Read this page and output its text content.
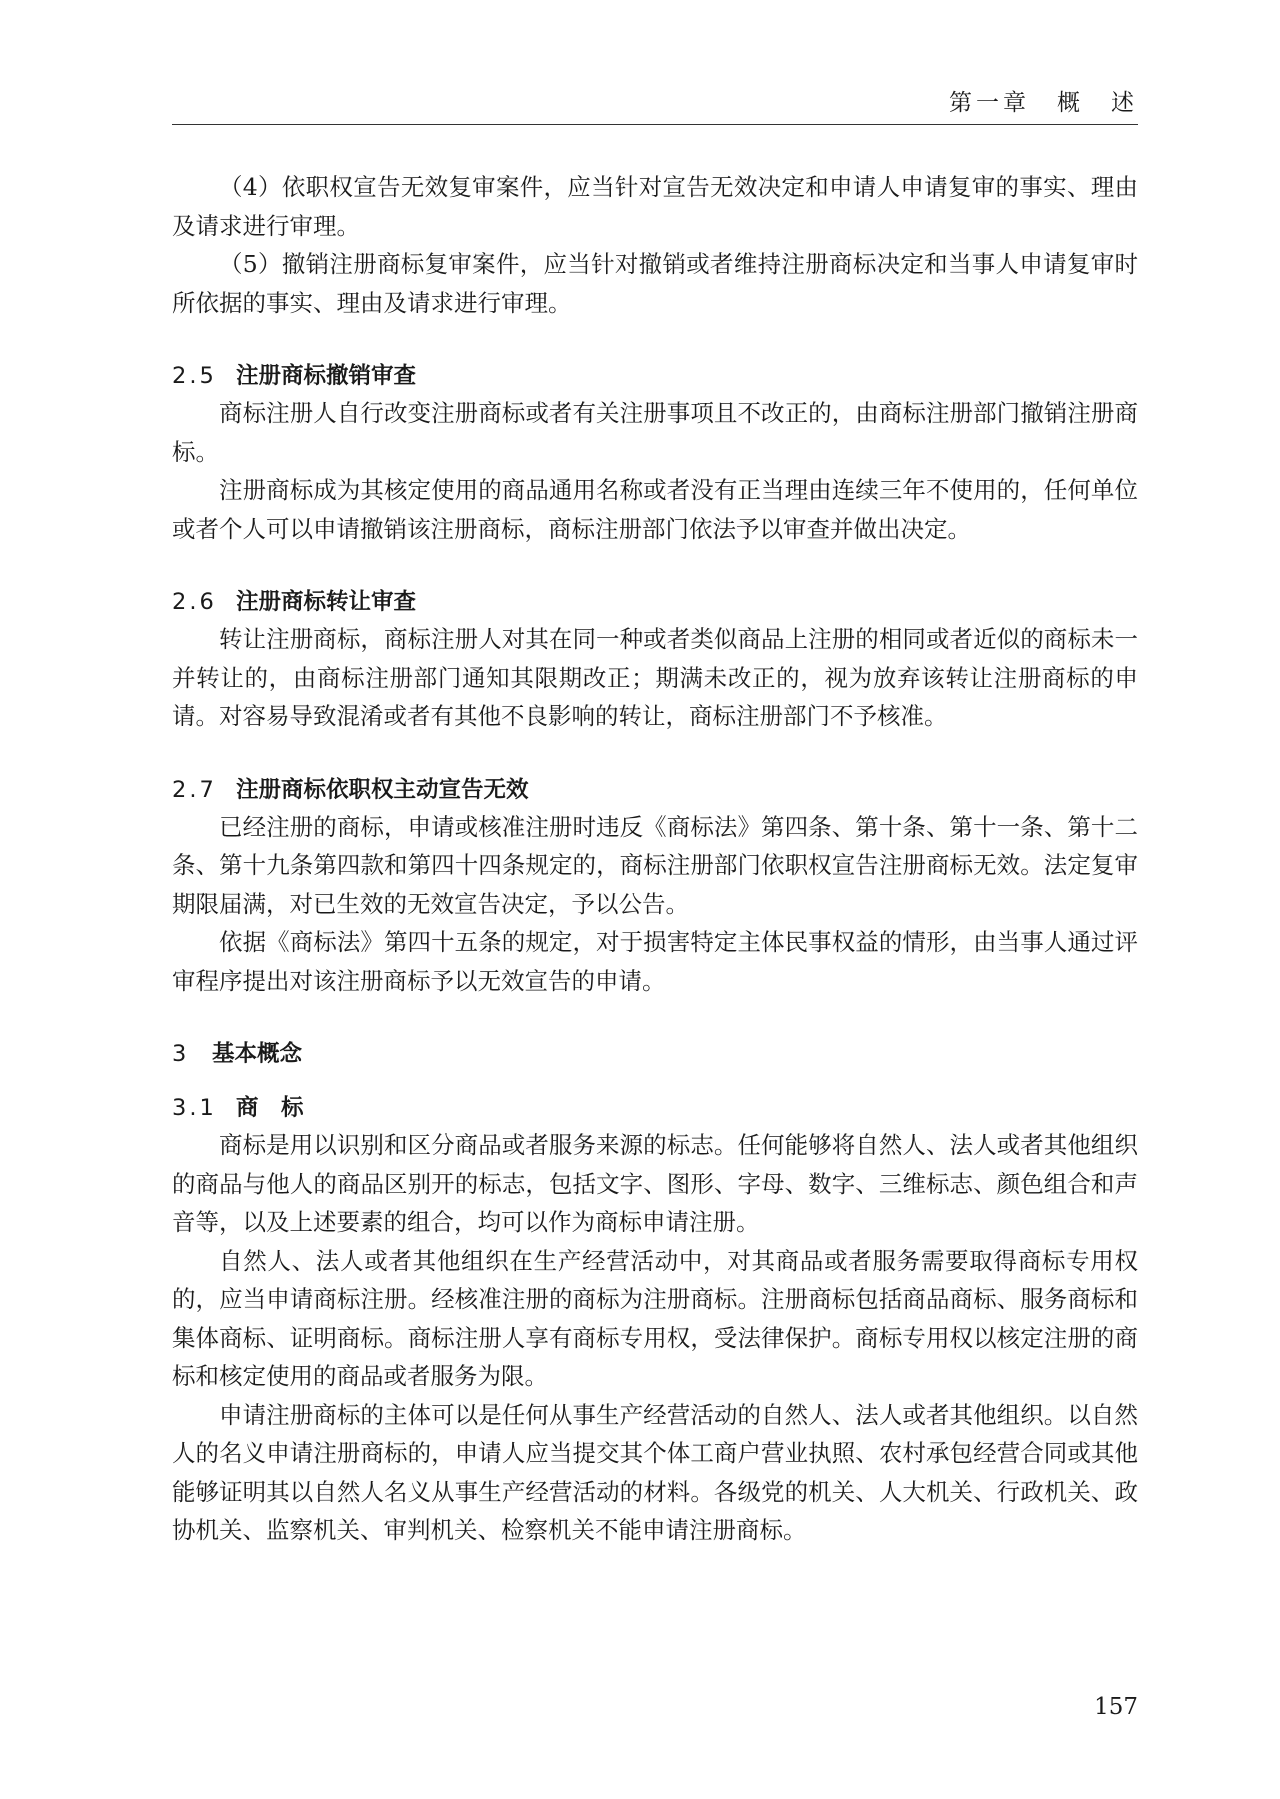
第一章　概　述

（4）依职权宣告无效复审案件，应当针对宣告无效决定和申请人申请复审的事实、理由及请求进行审理。

（5）撤销注册商标复审案件，应当针对撤销或者维持注册商标决定和当事人申请复审时所依据的事实、理由及请求进行审理。

2.5 注册商标撤销审查

商标注册人自行改变注册商标或者有关注册事项且不改正的，由商标注册部门撤销注册商标。

注册商标成为其核定使用的商品通用名称或者没有正当理由连续三年不使用的，任何单位或者个人可以申请撤销该注册商标，商标注册部门依法予以审查并做出决定。

2.6 注册商标转让审查

转让注册商标，商标注册人对其在同一种或者类似商品上注册的相同或者近似的商标未一并转让的，由商标注册部门通知其限期改正；期满未改正的，视为放弃该转让注册商标的申请。对容易导致混淆或者有其他不良影响的转让，商标注册部门不予核准。

2.7 注册商标依职权主动宣告无效

已经注册的商标，申请或核准注册时违反《商标法》第四条、第十条、第十一条、第十二条、第十九条第四款和第四十四条规定的，商标注册部门依职权宣告注册商标无效。法定复审期限届满，对已生效的无效宣告决定，予以公告。

依据《商标法》第四十五条的规定，对于损害特定主体民事权益的情形，由当事人通过评审程序提出对该注册商标予以无效宣告的申请。

3 基本概念
3.1 商　标

商标是用以识别和区分商品或者服务来源的标志。任何能够将自然人、法人或者其他组织的商品与他人的商品区别开的标志，包括文字、图形、字母、数字、三维标志、颜色组合和声音等，以及上述要素的组合，均可以作为商标申请注册。

自然人、法人或者其他组织在生产经营活动中，对其商品或者服务需要取得商标专用权的，应当申请商标注册。经核准注册的商标为注册商标。注册商标包括商品商标、服务商标和集体商标、证明商标。商标注册人享有商标专用权，受法律保护。商标专用权以核定注册的商标和核定使用的商品或者服务为限。

申请注册商标的主体可以是任何从事生产经营活动的自然人、法人或者其他组织。以自然人的名义申请注册商标的，申请人应当提交其个体工商户营业执照、农村承包经营合同或其他能够证明其以自然人名义从事生产经营活动的材料。各级党的机关、人大机关、行政机关、政协机关、监察机关、审判机关、检察机关不能申请注册商标。

157
